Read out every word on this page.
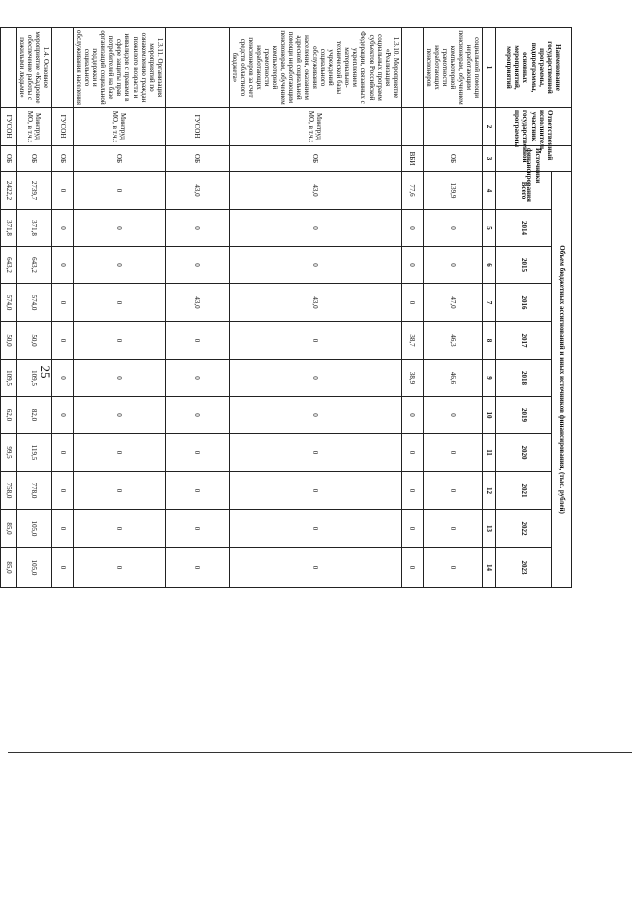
25
Наименование государственной программы, подпрограммы, основных мероприятий, мероприятий	Ответственный исполнитель, участник государственной программы	Источники финансирования	Объем бюджетных ассигнований и иных источников финансирования, (тыс. рублей)										
			Всего	2014	2015	2016	2017	2018	2019	2020	2021	2022	2023
1	2	3	4	5	6	7	8	9	10	11	12	13	14
социальной помощи неработающим пенсионерам, обучением компьютерной грамотности неработающих пенсионеров		ОБ	139,9	0	0	47,0	46,3	46,6	0	0	0	0	0
		ВБИ	77,6	0	0	0	38,7	38,9	0	0	0	0	0
1.3.10. Мероприятие «Реализация социальных программ субъектов Российской Федерации, связанных с укреплением материально-технической базы учреждений социального обслуживания населения, оказанием адресной социальной помощи неработающим пенсионерам, обучением компьютерной грамотности неработающих пенсионеров за счет средств областного бюджета»	Минтруд МО, в т.ч.:	ОБ	43,0	0	0	43,0	0	0	0	0	0	0	0
	ГУСОН	ОБ	43,0	0	0	43,0	0	0	0	0	0	0	0
1.3.11. Организация мероприятий по ознакомлению граждан пожилого возраста и инвалидов с правами в сфере защиты прав потребителей на базе организаций социальной поддержки и социального обслуживания населения	Минтруд МО, в т.ч.:	ОБ	0	0	0	0	0	0	0	0	0	0	0
	ГУСОН	ОБ	0	0	0	0	0	0	0	0	0	0	0
1.4. Основное мероприятие «Кадровое обеспечение работы с пожилыми людьми»	Минтруд МО, в т.ч.:	ОБ	2739,7	371,8	643,2	574,0	50,0	109,5	82,0	119,5	778,0	105,0	105,0
	ГУСОН	ОБ	2422,2	371,8	643,2	574,0	50,0	109,5	62,0	99,5	758,0	85,0	85,0
